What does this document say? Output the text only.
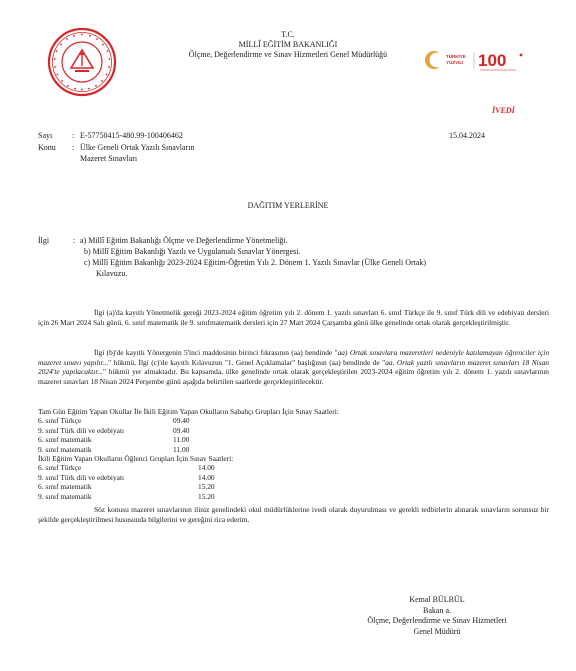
T.C.
MİLLÎ EĞİTİM BAKANLIĞI
Ölçme, Değerlendirme ve Sınav Hizmetleri Genel Müdürlüğü	TÜRKİYE
YÜZYILI 100
İVEDİ
Sayı : E-57750415-480.99-100406462
Konu : Ülke Geneli Ortak Yazılı Sınavların
Mazeret Sınavları
15.04.2024
DAĞITIM YERLERİNE
İlgi	: a) Millî Eğitim Bakanlığı Ölçme ve Değerlendirme Yönetmeliği.
b) Millî Eğitim Bakanlığı Yazılı ve Uygulamalı Sınavlar Yönergesi.
c) Millî Eğitim Bakanlığı 2023-2024 Eğitim-Öğretim Yılı 2. Dönem 1. Yazılı Sınavlar (Ülke Geneli Ortak)
Kılavuzu.
İlgi (a)'da kayıtlı Yönetmelik gereği 2023-2024 eğitim öğretim yılı 2. dönem 1. yazılı sınavları 6. sınıf Türkçe ile 9. sınıf Türk dili ve edebiyatı dersleri için 26 Mart 2024 Salı günü, 6. sınıf matematik ile 9. sınıfmatematik dersleri için 27 Mart 2024 Çarşamba günü ülke genelinde ortak olarak gerçekleştirilmiştir.
İlgi (b)'de kayıtlı Yönergenin 5'inci maddesinin birinci fıkrasının (aa) bendinde "aa) Ortak sınavlara mazeretleri nedeniyle katılamayan öğrenciler için mazeret sınavı yapılır..." hükmü, İlgi (c)'de kayıtlı Kılavuzun "1. Genel Açıklamalar" başlığının (aa) bendinde de "aa. Ortak yazılı sınavların mazeret sınavları 18 Nisan 2024'te yapılacaktır..." hükmü yer almaktadır. Bu kapsamda, ülke genelinde ortak olarak gerçekleştirilen 2023-2024 eğitim öğretim yılı 2. dönem 1. yazılı sınavlarının mazeret sınavları 18 Nisan 2024 Perşembe günü aşağıda belirtilen saatlerde gerçekleştirilecektir.
Tam Gün Eğitim Yapan Okullar İle İkili Eğitim Yapan Okulların Sabahçı Grupları İçin Sınav Saatleri:
6. sınıf Türkçe	09.40
9. sınıf Türk dili ve edebiyatı	09.40
6. sınıf matematik	11.00
9. sınıf matematik	11.00
İkili Eğitim Yapan Okulların Öğlenci Grupları İçin Sınav Saatleri:
6. sınıf Türkçe	14.00
9. sınıf Türk dili ve edebiyatı	14.00
6. sınıf matematik	15.20
9. sınıf matematik	15.20
Söz konusu mazeret sınavlarının iliniz genelindeki okul müdürlüklerine ivedi olarak duyurulması ve gerekli tedbirlerin alınarak sınavların sorunsuz bir şekilde gerçekleştirilmesi hususunda bilgilerini ve gereğini rica ederim.
Kemal BÜLBÜL
Bakan a.
Ölçme, Değerlendirme ve Sınav Hizmetleri
Genel Müdürü
